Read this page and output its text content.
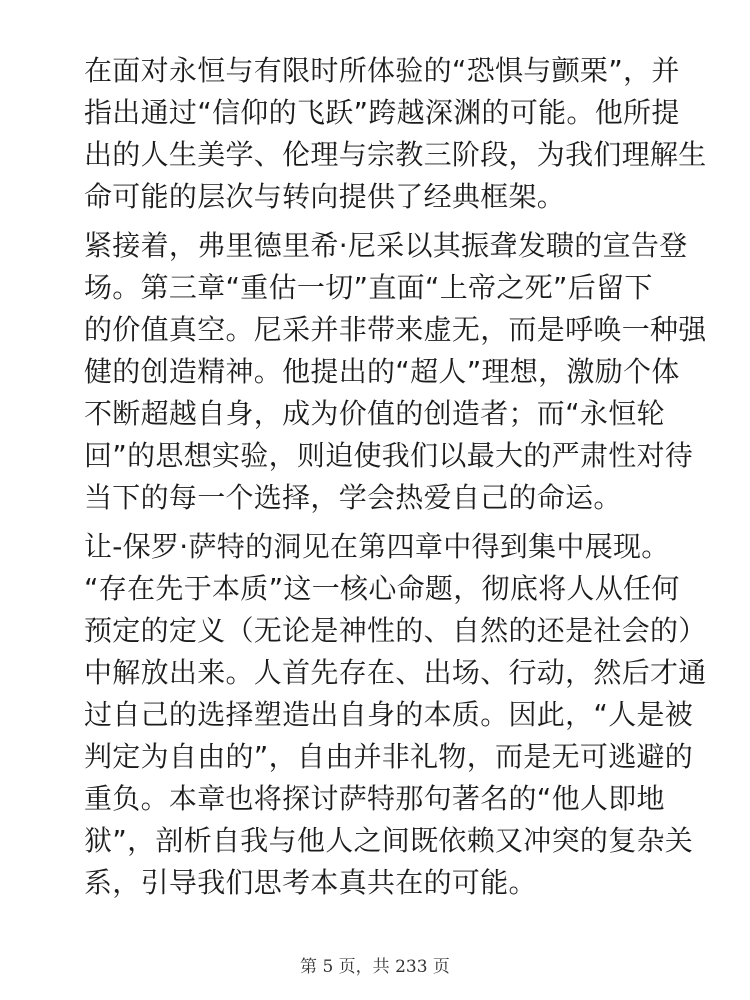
在面对永恒与有限时所体验的“恐惧与颤栗”，并
指出通过“信仰的飞跃”跨越深渊的可能。他所提
出的人生美学、伦理与宗教三阶段，为我们理解生
命可能的层次与转向提供了经典框架。

紧接着，弗里德里希·尼采以其振聋发聩的宣告登
场。第三章“重估一切”直面“上帝之死”后留下
的价值真空。尼采并非带来虚无，而是呼唤一种强
健的创造精神。他提出的“超人”理想，激励个体
不断超越自身，成为价值的创造者；而“永恒轮
回”的思想实验，则迫使我们以最大的严肃性对待
当下的每一个选择，学会热爱自己的命运。

让-保罗·萨特的洞见在第四章中得到集中展现。
“存在先于本质”这一核心命题，彻底将人从任何
预定的定义（无论是神性的、自然的还是社会的）
中解放出来。人首先存在、出场、行动，然后才通
过自己的选择塑造出自身的本质。因此，“人是被
判定为自由的”，自由并非礼物，而是无可逃避的
重负。本章也将探讨萨特那句著名的“他人即地
狱”，剖析自我与他人之间既依赖又冲突的复杂关
系，引导我们思考本真共在的可能。

第 5 页，共 233 页
